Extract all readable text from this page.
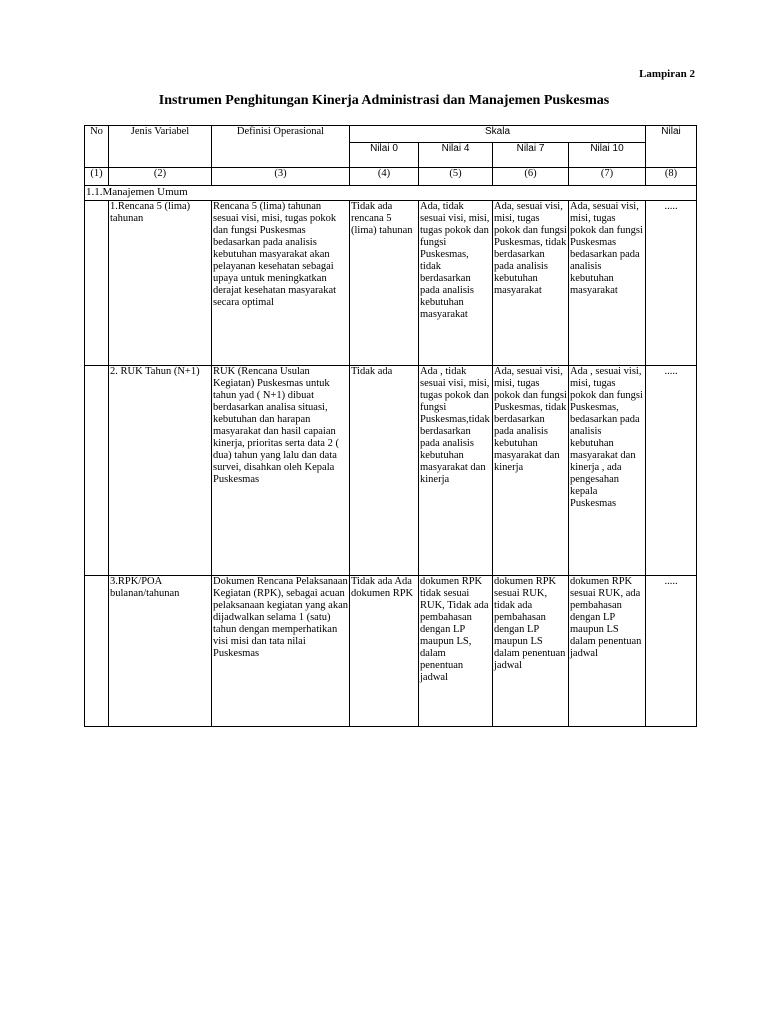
Lampiran 2
Instrumen Penghitungan Kinerja Administrasi dan Manajemen Puskesmas
No	Jenis Variabel	Definisi Operasional	Skala				Nilai
			Nilai 0	Nilai 4	Nilai 7	Nilai 10	
(1)	(2)	(3)	(4)	(5)	(6)	(7)	(8)
1.1.Manajemen Umum							
	1.Rencana 5 (lima) tahunan	Rencana 5 (lima) tahunan sesuai visi, misi, tugas pokok dan fungsi Puskesmas bedasarkan pada analisis kebutuhan masyarakat akan pelayanan kesehatan sebagai upaya untuk meningkatkan derajat kesehatan masyarakat secara optimal	Tidak ada rencana 5 (lima) tahunan	Ada, tidak sesuai visi, misi, tugas pokok dan fungsi Puskesmas, tidak berdasarkan pada analisis kebutuhan masyarakat	Ada, sesuai visi, misi, tugas pokok dan fungsi Puskesmas, tidak berdasarkan pada analisis kebutuhan masyarakat	Ada, sesuai visi, misi, tugas pokok dan fungsi Puskesmas bedasarkan pada analisis kebutuhan masyarakat	.....
	2. RUK Tahun (N+1)	RUK (Rencana Usulan Kegiatan) Puskesmas untuk tahun yad ( N+1) dibuat berdasarkan analisa situasi, kebutuhan dan harapan masyarakat dan hasil capaian kinerja, prioritas serta data 2 ( dua) tahun yang lalu dan data survei, disahkan oleh Kepala Puskesmas	Tidak ada	Ada , tidak sesuai visi, misi, tugas pokok dan fungsi Puskesmas,tidak berdasarkan pada analisis kebutuhan masyarakat dan kinerja	Ada, sesuai visi, misi, tugas pokok dan fungsi Puskesmas, tidak berdasarkan pada analisis kebutuhan masyarakat dan kinerja	Ada , sesuai visi, misi, tugas pokok dan fungsi Puskesmas, bedasarkan pada analisis kebutuhan masyarakat dan kinerja , ada pengesahan kepala Puskesmas	.....
	3.RPK/POA bulanan/tahunan	Dokumen Rencana Pelaksanaan Kegiatan (RPK), sebagai acuan pelaksanaan kegiatan yang akan dijadwalkan selama 1 (satu) tahun dengan memperhatikan visi misi dan tata nilai Puskesmas	Tidak ada Ada dokumen RPK	dokumen RPK tidak sesuai RUK, Tidak ada pembahasan dengan LP maupun LS, dalam penentuan jadwal	dokumen RPK sesuai RUK, tidak ada pembahasan dengan LP maupun LS dalam penentuan jadwal	dokumen RPK sesuai RUK, ada pembahasan dengan LP maupun LS dalam penentuan jadwal	.....
